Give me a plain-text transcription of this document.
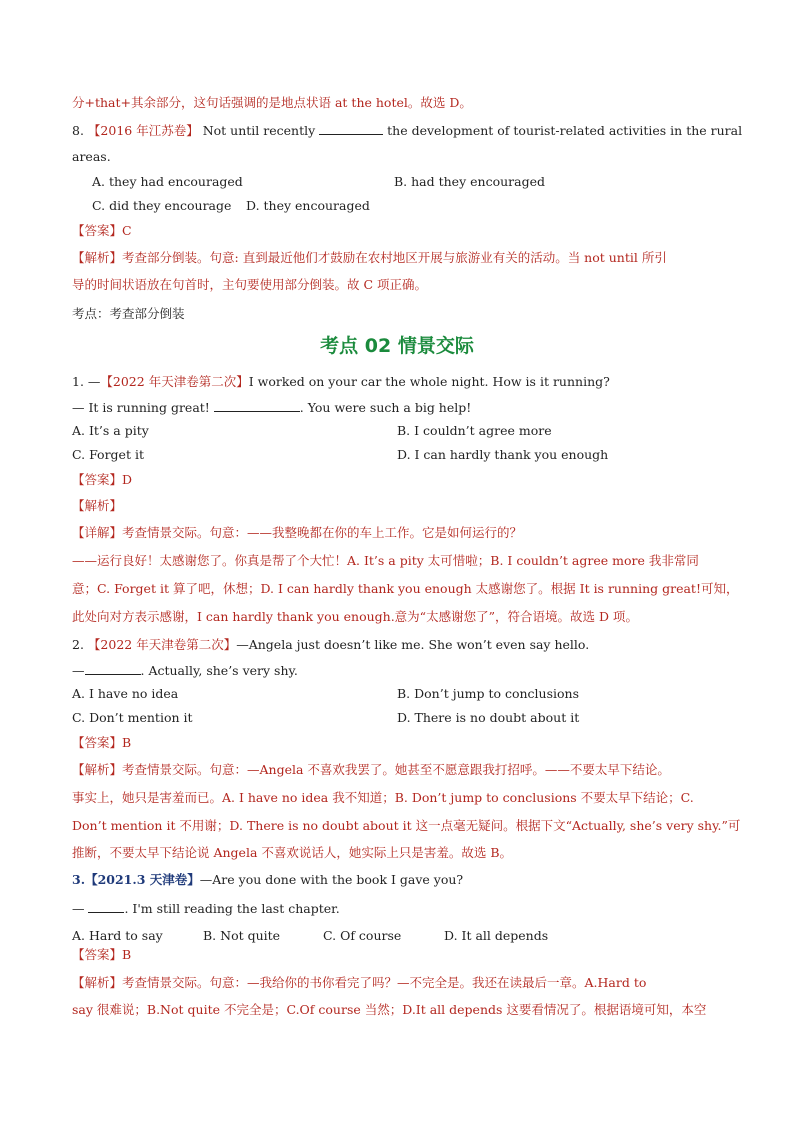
分+that+其余部分，这句话强调的是地点状语 at the hotel。故选 D。
8. 【2016 年江苏卷】 Not until recently	the development of tourist-related activities in the rural
areas.
A. they had encouraged	B. had they encouraged
C. did they encourage D. they encouraged
【答案】C
【解析】考查部分倒装。句意: 直到最近他们才鼓励在农村地区开展与旅游业有关的活动。当 not until 所引
导的时间状语放在句首时，主句要使用部分倒装。故 C 项正确。
考点：考查部分倒装
考点 02 情景交际
1. —【2022 年天津卷第二次】I worked on your car the whole night. How is it running?
— It is running great!	. You were such a big help!
A. It’s a pity	B. I couldn’t agree more
C. Forget it	D. I can hardly thank you enough
【答案】D
【解析】
【详解】考查情景交际。句意：——我整晚都在你的车上工作。它是如何运行的？
——运行良好！太感谢您了。你真是帮了个大忙！A. It’s a pity 太可惜啦；B. I couldn’t agree more 我非常同
意；C. Forget it 算了吧，休想；D. I can hardly thank you enough 太感谢您了。根据 It is running great!可知，
此处向对方表示感谢，I can hardly thank you enough.意为“太感谢您了”，符合语境。故选 D 项。
2. 【2022 年天津卷第二次】—Angela just doesn’t like me. She won’t even say hello.
—	. Actually, she’s very shy.
A. I have no idea	B. Don’t jump to conclusions
C. Don’t mention it	D. There is no doubt about it
【答案】B
【解析】考查情景交际。句意：—Angela 不喜欢我罢了。她甚至不愿意跟我打招呼。——不要太早下结论。
事实上，她只是害羞而已。A. I have no idea 我不知道；B. Don’t jump to conclusions 不要太早下结论；C.
Don’t mention it 不用谢；D. There is no doubt about it 这一点毫无疑问。根据下文“Actually, she’s very shy.”可
推断，不要太早下结论说 Angela 不喜欢说话人，她实际上只是害羞。故选 B。
3.【2021.3 天津卷】—Are you done with the book I gave you?
—	. I'm still reading the last chapter.
A. Hard to say	B. Not quite	C. Of course	D. It all depends
【答案】B
【解析】考查情景交际。句意：—我给你的书你看完了吗？—不完全是。我还在读最后一章。A.Hard to
say 很难说；B.Not quite 不完全是；C.Of course 当然；D.It all depends 这要看情况了。根据语境可知，本空
